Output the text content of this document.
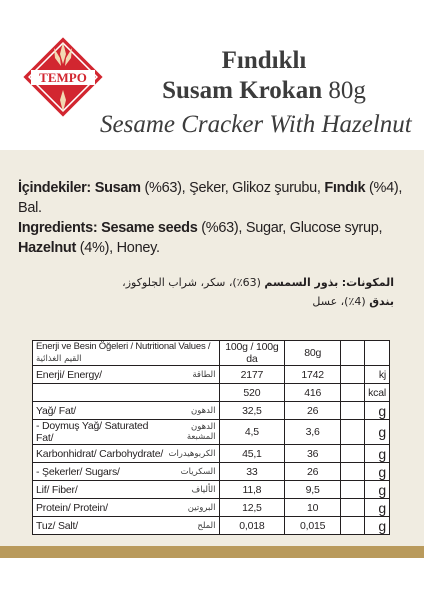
TEMPO
Fındıklı
Susam Krokan 80g
Sesame Cracker With Hazelnut
İçindekiler: Susam (%63), Şeker, Glikoz şurubu, Fındık (%4), Bal.
Ingredients: Sesame seeds (%63), Sugar, Glucose syrup,
Hazelnut (4%), Honey.
المكونات: بذور السمسم (63٪)، سكر، شراب الجلوكوز،
بندق (4٪)، عسل
Enerji ve Besin Öğeleri / Nutritional Values /
القيم الغذائية	100g / 100g da	80g		

Enerji/ Energy/ الطاقة	2177	1742		kj

	520	416		kcal

Yağ/ Fat/ الدهون	32,5	26		g

- Doymuş Yağ/ Saturated Fat/
الدهون المشبعة	4,5	3,6		g

Karbonhidrat/ Carbohydrate/ الكربوهيدرات	45,1	36		g

- Şekerler/ Sugars/ السكريات	33	26		g

Lif/ Fiber/ الألياف	11,8	9,5		g

Protein/ Protein/ البروتين	12,5	10		g

Tuz/ Salt/ الملح	0,018	0,015		g
